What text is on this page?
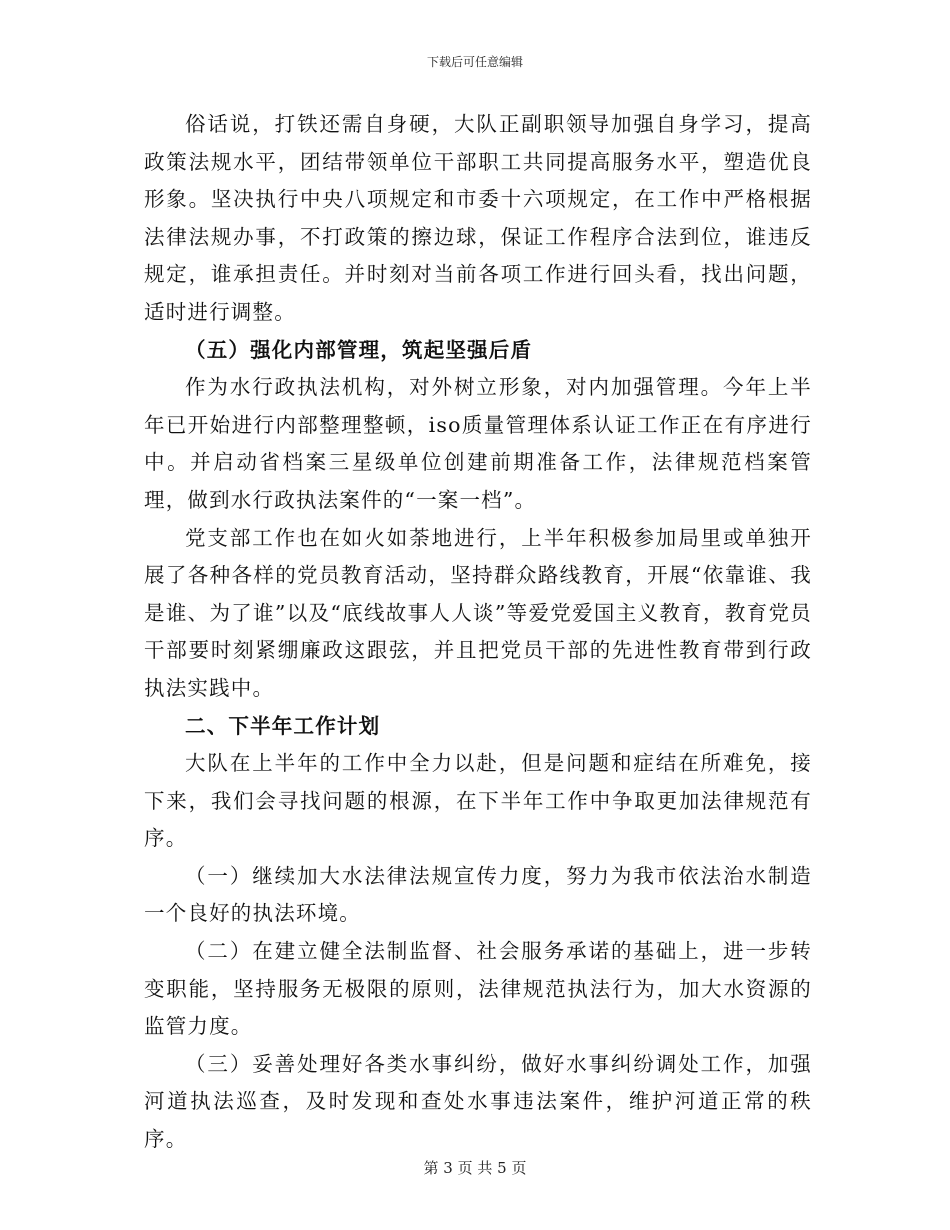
下载后可任意编辑

俗话说，打铁还需自身硬，大队正副职领导加强自身学习，提高政策法规水平，团结带领单位干部职工共同提高服务水平，塑造优良形象。坚决执行中央八项规定和市委十六项规定，在工作中严格根据法律法规办事，不打政策的擦边球，保证工作程序合法到位，谁违反规定，谁承担责任。并时刻对当前各项工作进行回头看，找出问题，适时进行调整。

（五）强化内部管理，筑起坚强后盾

作为水行政执法机构，对外树立形象，对内加强管理。今年上半年已开始进行内部整理整顿，iso质量管理体系认证工作正在有序进行中。并启动省档案三星级单位创建前期准备工作，法律规范档案管理，做到水行政执法案件的“一案一档”。

党支部工作也在如火如荼地进行，上半年积极参加局里或单独开展了各种各样的党员教育活动，坚持群众路线教育，开展“依靠谁、我是谁、为了谁”以及“底线故事人人谈”等爱党爱国主义教育，教育党员干部要时刻紧绷廉政这跟弦，并且把党员干部的先进性教育带到行政执法实践中。

二、下半年工作计划

大队在上半年的工作中全力以赴，但是问题和症结在所难免，接下来，我们会寻找问题的根源，在下半年工作中争取更加法律规范有序。

（一）继续加大水法律法规宣传力度，努力为我市依法治水制造一个良好的执法环境。

（二）在建立健全法制监督、社会服务承诺的基础上，进一步转变职能，坚持服务无极限的原则，法律规范执法行为，加大水资源的监管力度。

（三）妥善处理好各类水事纠纷，做好水事纠纷调处工作，加强河道执法巡查，及时发现和查处水事违法案件，维护河道正常的秩序。

第 3 页 共 5 页
